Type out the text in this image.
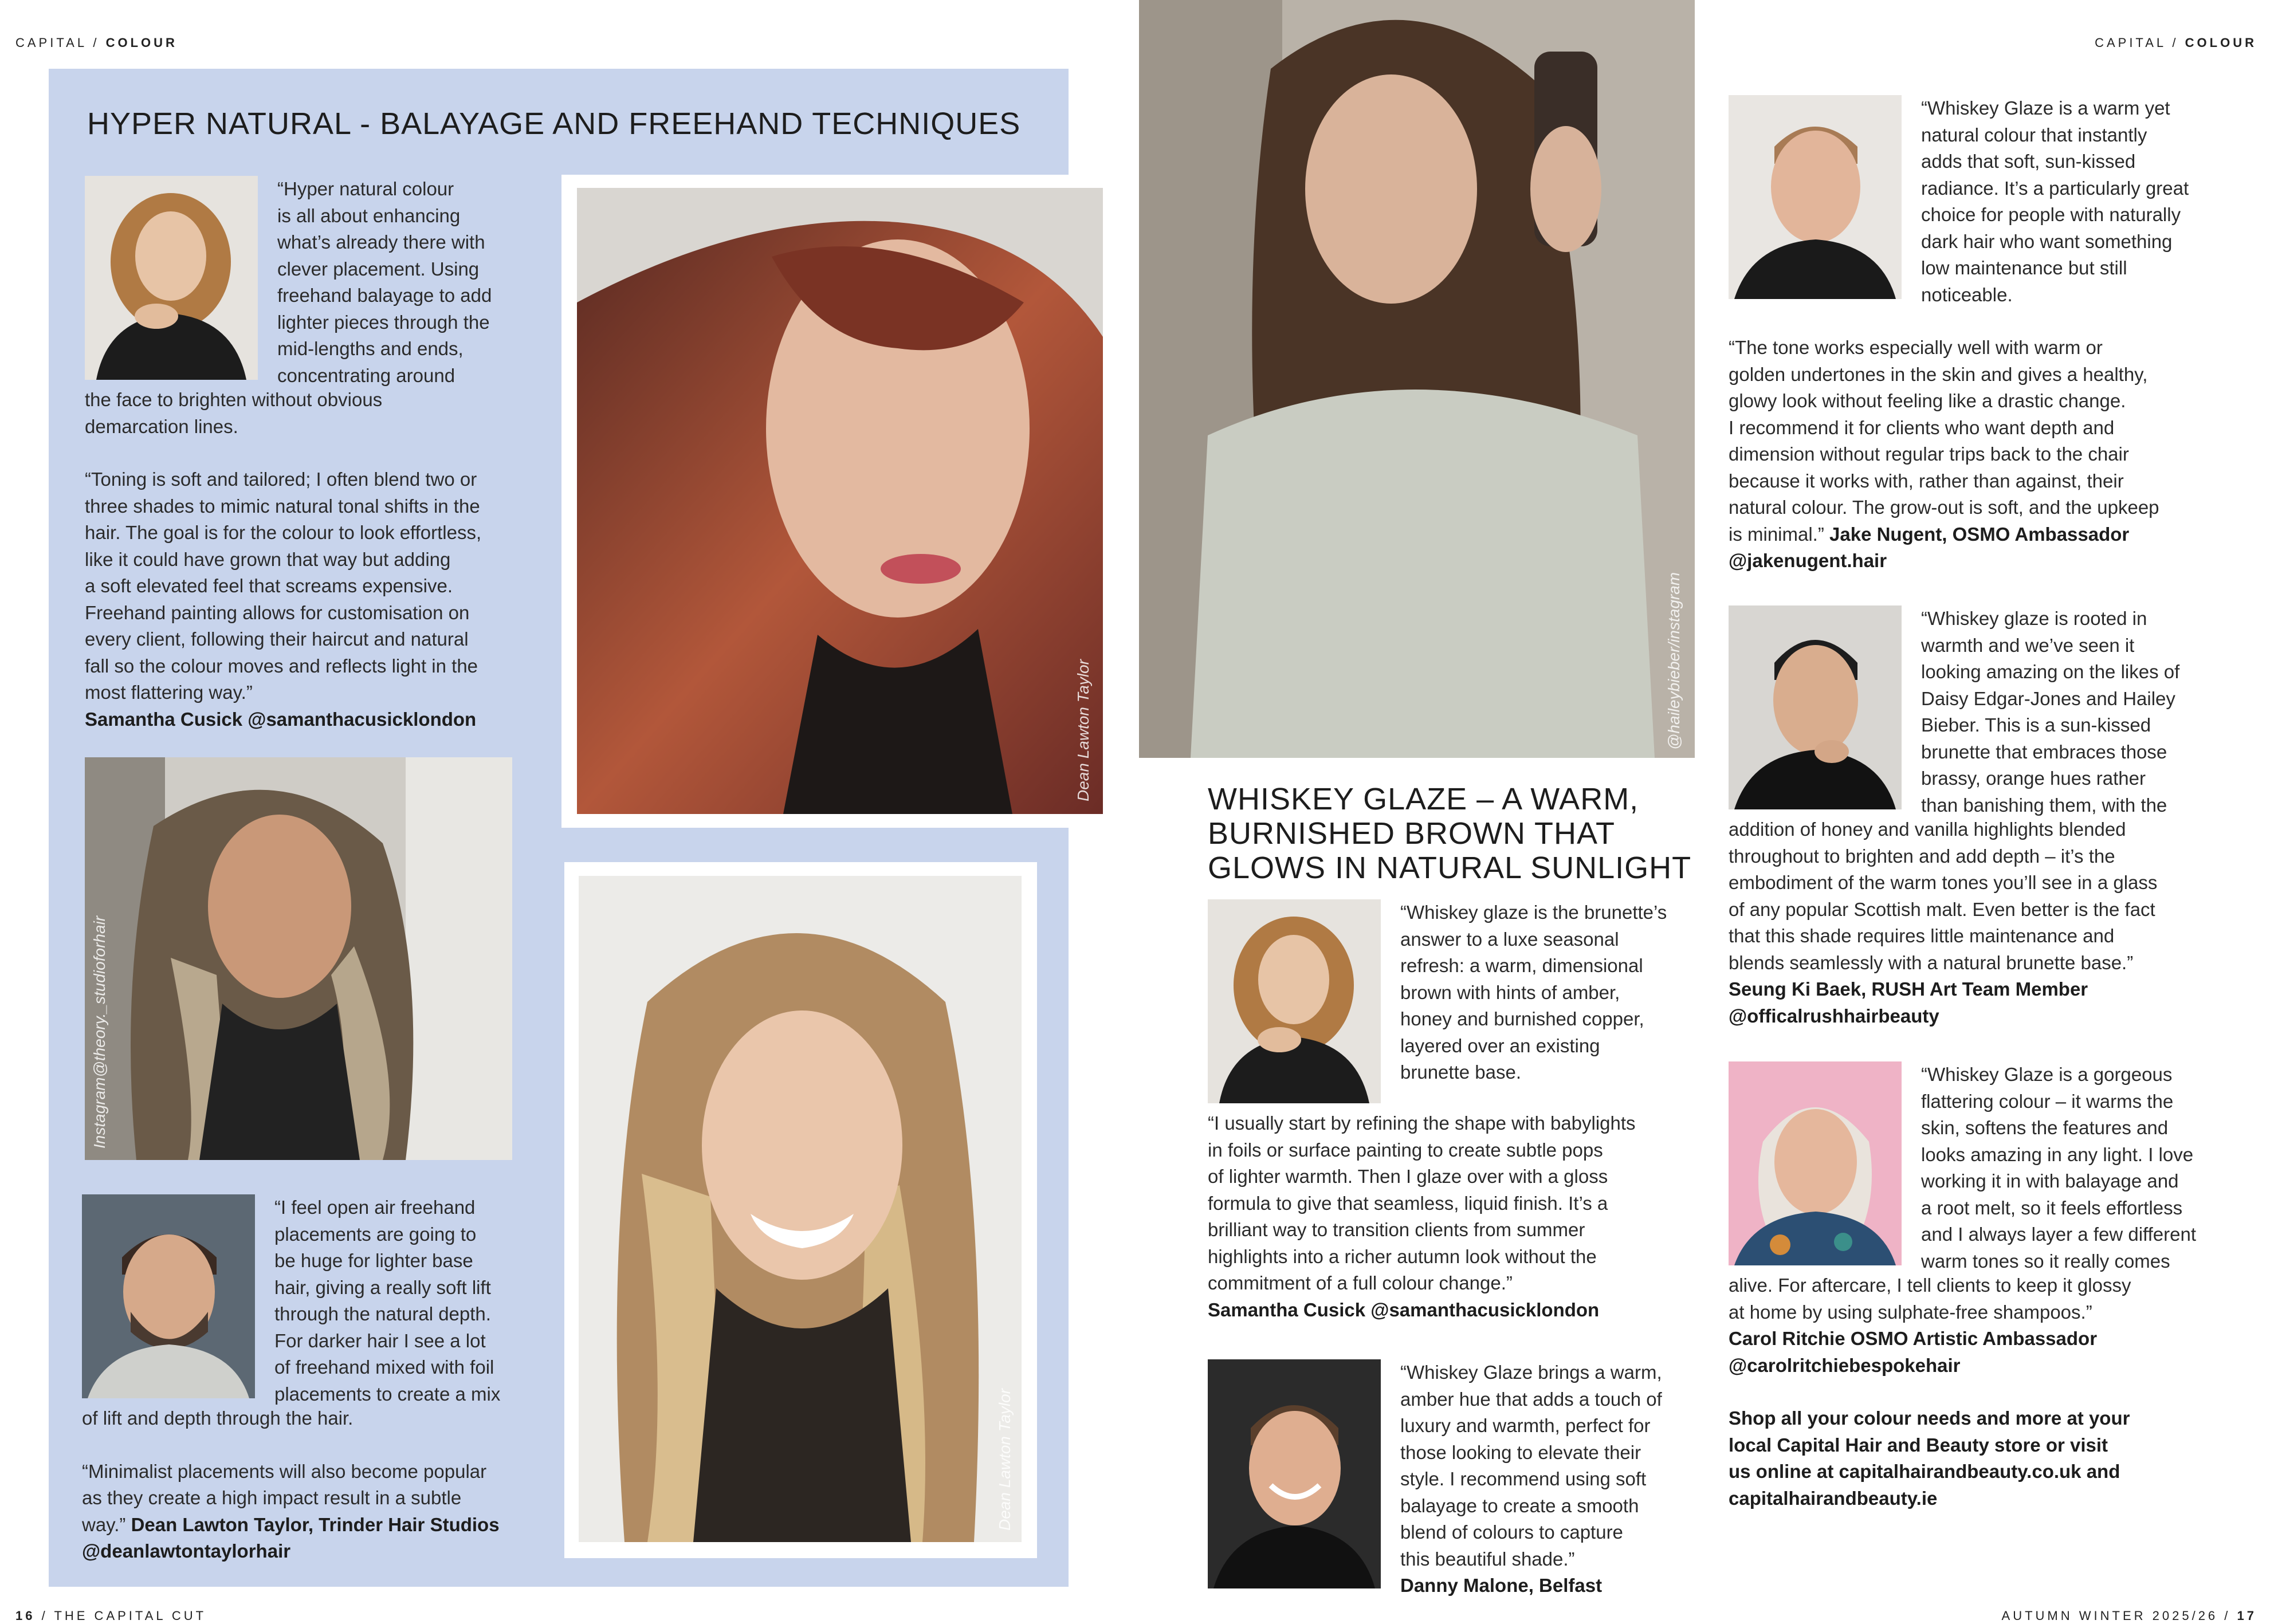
CAPITAL / COLOUR
HYPER NATURAL - BALAYAGE AND FREEHAND TECHNIQUES

“Hyper natural colour

is all about enhancing

what’s already there with

clever placement. Using

freehand balayage to add

lighter pieces through the

mid-lengths and ends,

concentrating around

the face to brighten without obvious

demarcation lines.

“Toning is soft and tailored; I often blend two or

three shades to mimic natural tonal shifts in the

hair. The goal is for the colour to look effortless,

like it could have grown that way but adding

a soft elevated feel that screams expensive.

Freehand painting allows for customisation on

every client, following their haircut and natural

fall so the colour moves and reflects light in the

most flattering way.”

Samantha Cusick @samanthacusicklondon	Dean Lawton Taylor
Instagram@theory._studioforhair

“I feel open air freehand

placements are going to

be huge for lighter base

hair, giving a really soft lift

through the natural depth.

For darker hair I see a lot

of freehand mixed with foil

placements to create a mix

of lift and depth through the hair.

“Minimalist placements will also become popular

as they create a high impact result in a subtle

way.” Dean Lawton Taylor, Trinder Hair Studios

@deanlawtontaylorhair

Dean Lawton Taylor
16 / THE CAPITAL CUT
CAPITAL / COLOUR
@haileybieber/instagram
WHISKEY GLAZE – A WARM,
BURNISHED BROWN THAT
GLOWS IN NATURAL SUNLIGHT

“Whiskey glaze is the brunette’s

answer to a luxe seasonal

refresh: a warm, dimensional

brown with hints of amber,

honey and burnished copper,

layered over an existing

brunette base.

“I usually start by refining the shape with babylights

in foils or surface painting to create subtle pops

of lighter warmth. Then I glaze over with a gloss

formula to give that seamless, liquid finish. It’s a

brilliant way to transition clients from summer

highlights into a richer autumn look without the

commitment of a full colour change.”

Samantha Cusick @samanthacusicklondon

“Whiskey Glaze brings a warm,

amber hue that adds a touch of

luxury and warmth, perfect for

those looking to elevate their

style. I recommend using soft

balayage to create a smooth

blend of colours to capture

this beautiful shade.”

Danny Malone, Belfast

“Whiskey Glaze is a warm yet

natural colour that instantly

adds that soft, sun-kissed

radiance. It’s a particularly great

choice for people with naturally

dark hair who want something

low maintenance but still

noticeable.

“The tone works especially well with warm or

golden undertones in the skin and gives a healthy,

glowy look without feeling like a drastic change.

I recommend it for clients who want depth and

dimension without regular trips back to the chair

because it works with, rather than against, their

natural colour. The grow-out is soft, and the upkeep

is minimal.” Jake Nugent, OSMO Ambassador

@jakenugent.hair

“Whiskey glaze is rooted in

warmth and we’ve seen it

looking amazing on the likes of

Daisy Edgar-Jones and Hailey

Bieber. This is a sun-kissed

brunette that embraces those

brassy, orange hues rather

than banishing them, with the

addition of honey and vanilla highlights blended

throughout to brighten and add depth – it’s the

embodiment of the warm tones you’ll see in a glass

of any popular Scottish malt. Even better is the fact

that this shade requires little maintenance and

blends seamlessly with a natural brunette base.”

Seung Ki Baek, RUSH Art Team Member

@officalrushhairbeauty

“Whiskey Glaze is a gorgeous

flattering colour – it warms the

skin, softens the features and

looks amazing in any light. I love

working it in with balayage and

a root melt, so it feels effortless

and I always layer a few different

warm tones so it really comes

alive. For aftercare, I tell clients to keep it glossy

at home by using sulphate-free shampoos.”

Carol Ritchie OSMO Artistic Ambassador

@carolritchiebespokehair

Shop all your colour needs and more at your

local Capital Hair and Beauty store or visit

us online at capitalhairandbeauty.co.uk and

capitalhairandbeauty.ie

AUTUMN WINTER 2025/26 / 17
